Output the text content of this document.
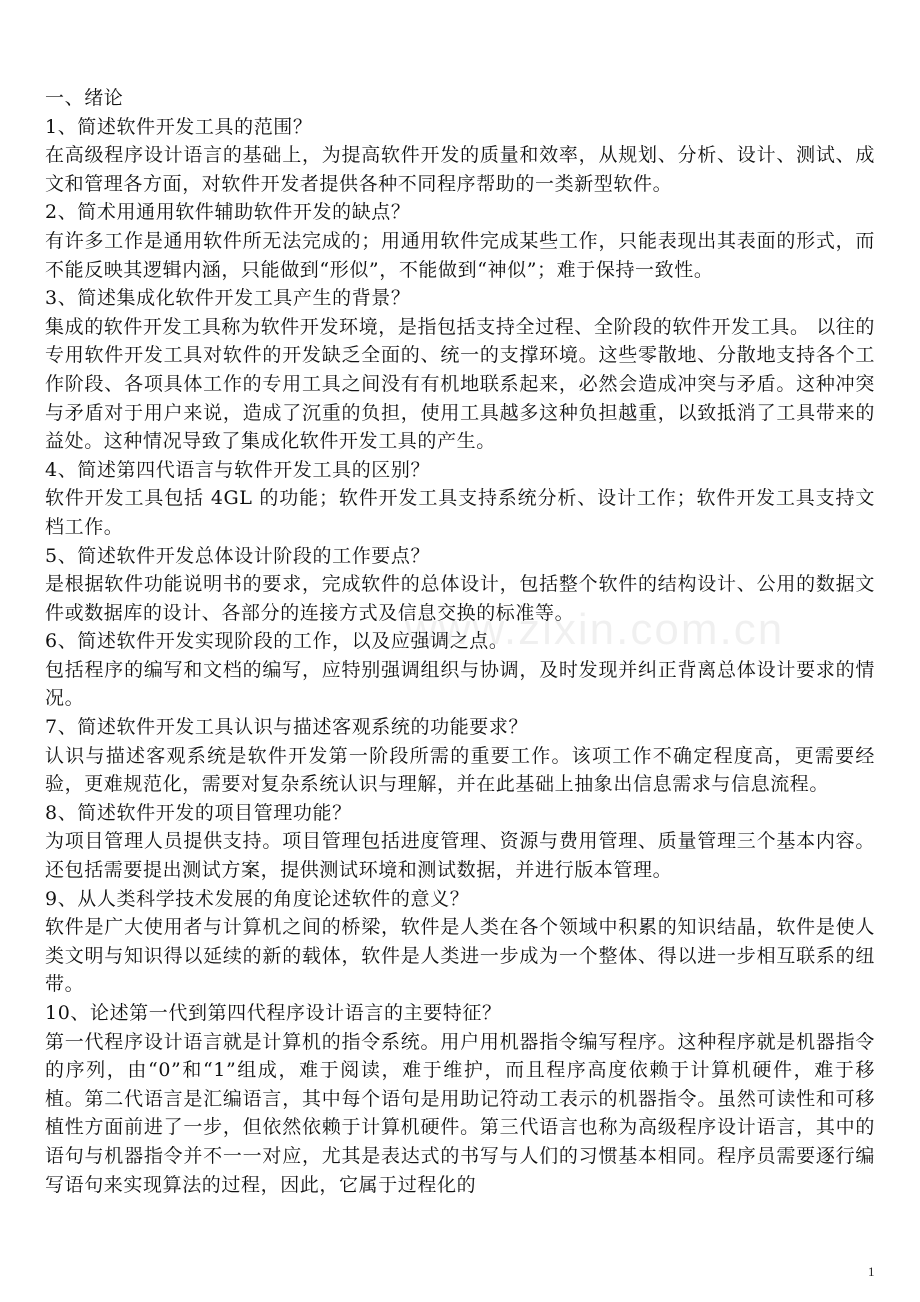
www.zixin.com.cn

一、绪论

1、简述软件开发工具的范围？

在高级程序设计语言的基础上，为提高软件开发的质量和效率，从规划、分析、设计、测试、成文和管理各方面，对软件开发者提供各种不同程序帮助的一类新型软件。

2、简术用通用软件辅助软件开发的缺点？

有许多工作是通用软件所无法完成的；用通用软件完成某些工作，只能表现出其表面的形式，而不能反映其逻辑内涵，只能做到“形似”，不能做到“神似”；难于保持一致性。

3、简述集成化软件开发工具产生的背景？

集成的软件开发工具称为软件开发环境，是指包括支持全过程、全阶段的软件开发工具。 以往的专用软件开发工具对软件的开发缺乏全面的、统一的支撑环境。这些零散地、分散地支持各个工作阶段、各项具体工作的专用工具之间没有有机地联系起来，必然会造成冲突与矛盾。这种冲突与矛盾对于用户来说，造成了沉重的负担，使用工具越多这种负担越重，以致抵消了工具带来的益处。这种情况导致了集成化软件开发工具的产生。

4、简述第四代语言与软件开发工具的区别？

软件开发工具包括 4GL 的功能；软件开发工具支持系统分析、设计工作；软件开发工具支持文档工作。

5、简述软件开发总体设计阶段的工作要点？

是根据软件功能说明书的要求，完成软件的总体设计，包括整个软件的结构设计、公用的数据文件或数据库的设计、各部分的连接方式及信息交换的标准等。

6、简述软件开发实现阶段的工作，以及应强调之点。

包括程序的编写和文档的编写，应特别强调组织与协调，及时发现并纠正背离总体设计要求的情况。

7、简述软件开发工具认识与描述客观系统的功能要求？

认识与描述客观系统是软件开发第一阶段所需的重要工作。该项工作不确定程度高，更需要经验，更难规范化，需要对复杂系统认识与理解，并在此基础上抽象出信息需求与信息流程。

8、简述软件开发的项目管理功能？

为项目管理人员提供支持。项目管理包括进度管理、资源与费用管理、质量管理三个基本内容。还包括需要提出测试方案，提供测试环境和测试数据，并进行版本管理。

9、从人类科学技术发展的角度论述软件的意义？

软件是广大使用者与计算机之间的桥梁，软件是人类在各个领域中积累的知识结晶，软件是使人类文明与知识得以延续的新的载体，软件是人类进一步成为一个整体、得以进一步相互联系的纽带。

10、论述第一代到第四代程序设计语言的主要特征？

第一代程序设计语言就是计算机的指令系统。用户用机器指令编写程序。这种程序就是机器指令的序列，由“0”和“1”组成，难于阅读，难于维护，而且程序高度依赖于计算机硬件，难于移植。第二代语言是汇编语言，其中每个语句是用助记符动工表示的机器指令。虽然可读性和可移植性方面前进了一步，但依然依赖于计算机硬件。第三代语言也称为高级程序设计语言，其中的语句与机器指令并不一一对应，尤其是表达式的书写与人们的习惯基本相同。程序员需要逐行编写语句来实现算法的过程，因此，它属于过程化的

1
